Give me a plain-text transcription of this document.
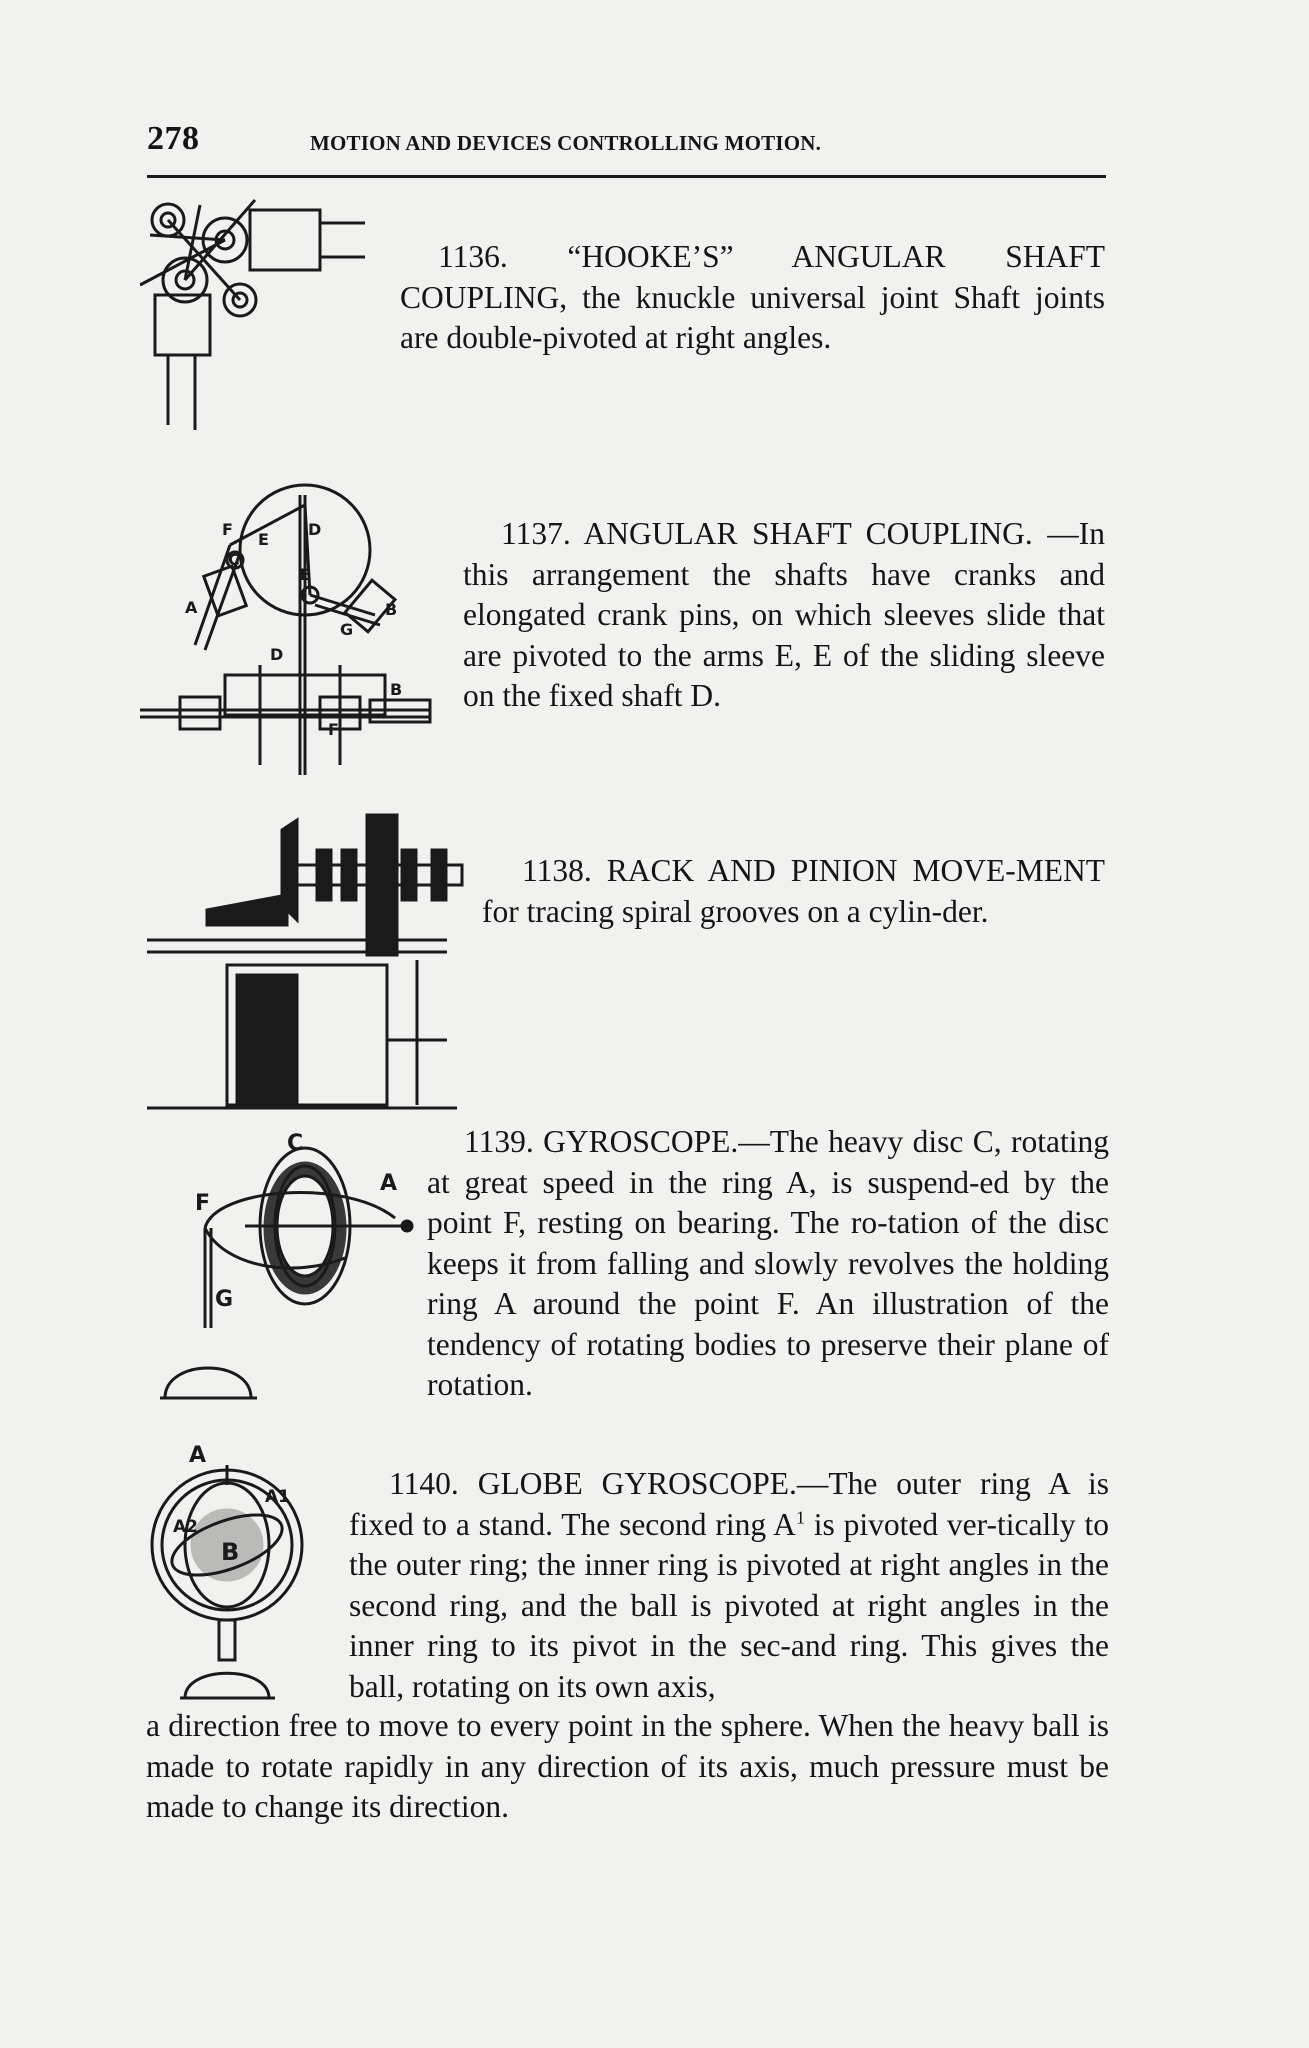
278	MOTION AND DEVICES CONTROLLING MOTION.

1136. “HOOKE’S” ANGULAR SHAFT COUPLING, the knuckle universal joint Shaft joints are double-pivoted at right angles.

F
E
D
C
A
E
G
B
D
B
F

1137. ANGULAR SHAFT COUPLING. —In this arrangement the shafts have cranks and elongated crank pins, on which sleeves slide that are pivoted to the arms E, E of the sliding sleeve on the fixed shaft D.

1138. RACK AND PINION MOVE-MENT for tracing spiral grooves on a cylin-der.

C
A
F
G

1139. GYROSCOPE.—The heavy disc C, rotating at great speed in the ring A, is suspend-ed by the point F, resting on bearing. The ro-tation of the disc keeps it from falling and slowly revolves the holding ring A around the point F. An illustration of the tendency of rotating bodies to preserve their plane of rotation.

A
A1
A2
B

1140. GLOBE GYROSCOPE.—The outer ring A is fixed to a stand. The second ring $A^1$ is pivoted ver-tically to the outer ring; the inner ring is pivoted at right angles in the second ring, and the ball is pivoted at right angles in the inner ring to its pivot in the sec-and ring. This gives the ball, rotating on its own axis,

a direction free to move to every point in the sphere. When the heavy ball is made to rotate rapidly in any direction of its axis, much pressure must be made to change its direction.
